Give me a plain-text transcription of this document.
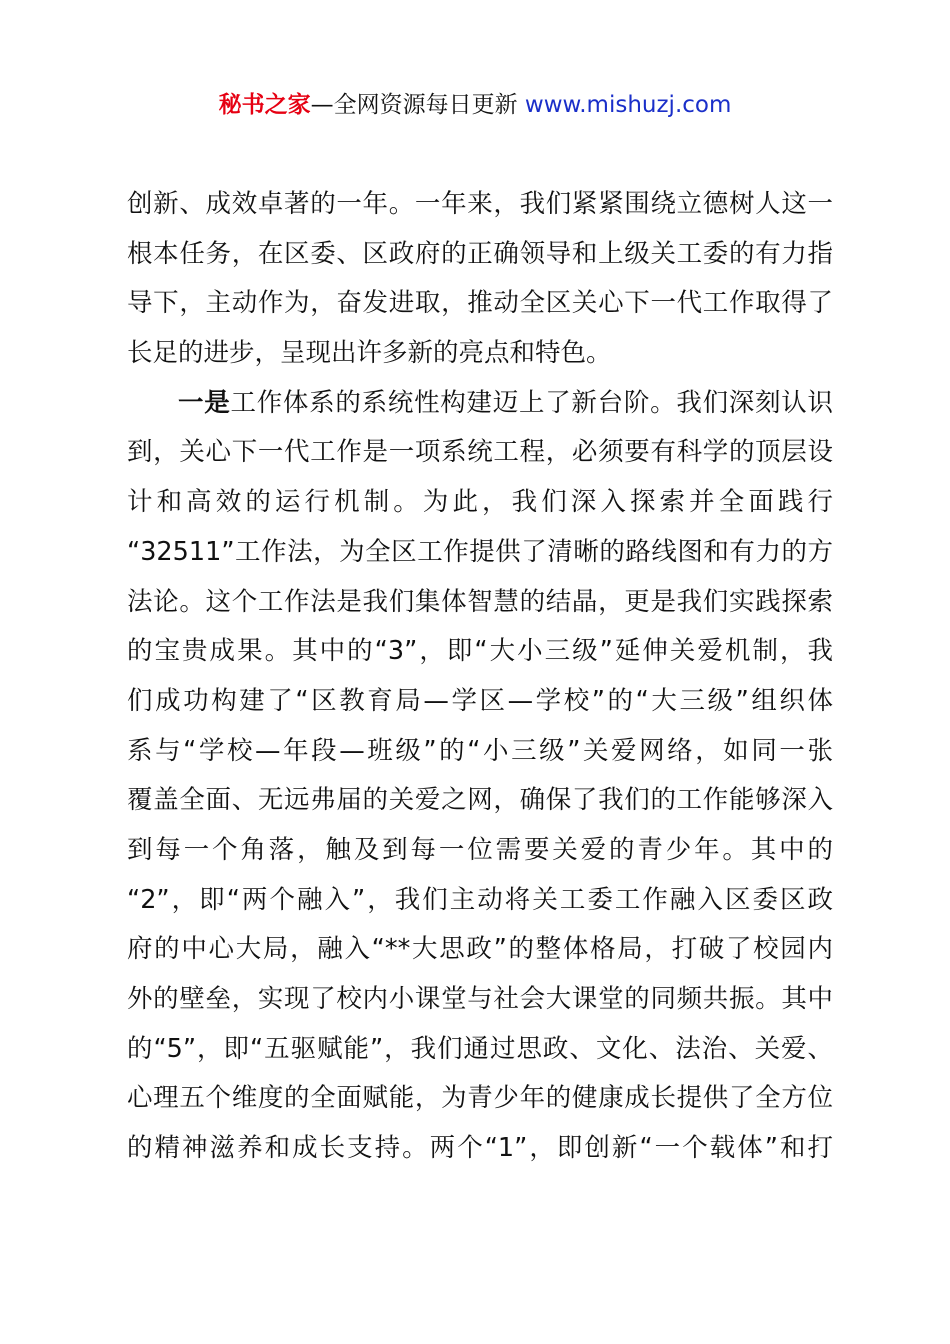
秘书之家—全网资源每日更新 www.mishuzj.com
创新、成效卓著的一年。一年来，我们紧紧围绕立德树人这一
根本任务，在区委、区政府的正确领导和上级关工委的有力指
导下，主动作为，奋发进取，推动全区关心下一代工作取得了
长足的进步，呈现出许多新的亮点和特色。
一是工作体系的系统性构建迈上了新台阶。我们深刻认识
到，关心下一代工作是一项系统工程，必须要有科学的顶层设
计和高效的运行机制。为此，我们深入探索并全面践行
“32511”工作法，为全区工作提供了清晰的路线图和有力的方
法论。这个工作法是我们集体智慧的结晶，更是我们实践探索
的宝贵成果。其中的“3”，即“大小三级”延伸关爱机制，我
们成功构建了“区教育局—学区—学校”的“大三级”组织体
系与“学校—年段—班级”的“小三级”关爱网络，如同一张
覆盖全面、无远弗届的关爱之网，确保了我们的工作能够深入
到每一个角落，触及到每一位需要关爱的青少年。其中的
“2”，即“两个融入”，我们主动将关工委工作融入区委区政
府的中心大局，融入“**大思政”的整体格局，打破了校园内
外的壁垒，实现了校内小课堂与社会大课堂的同频共振。其中
的“5”，即“五驱赋能”，我们通过思政、文化、法治、关爱、
心理五个维度的全面赋能，为青少年的健康成长提供了全方位
的精神滋养和成长支持。两个“1”，即创新“一个载体”和打
